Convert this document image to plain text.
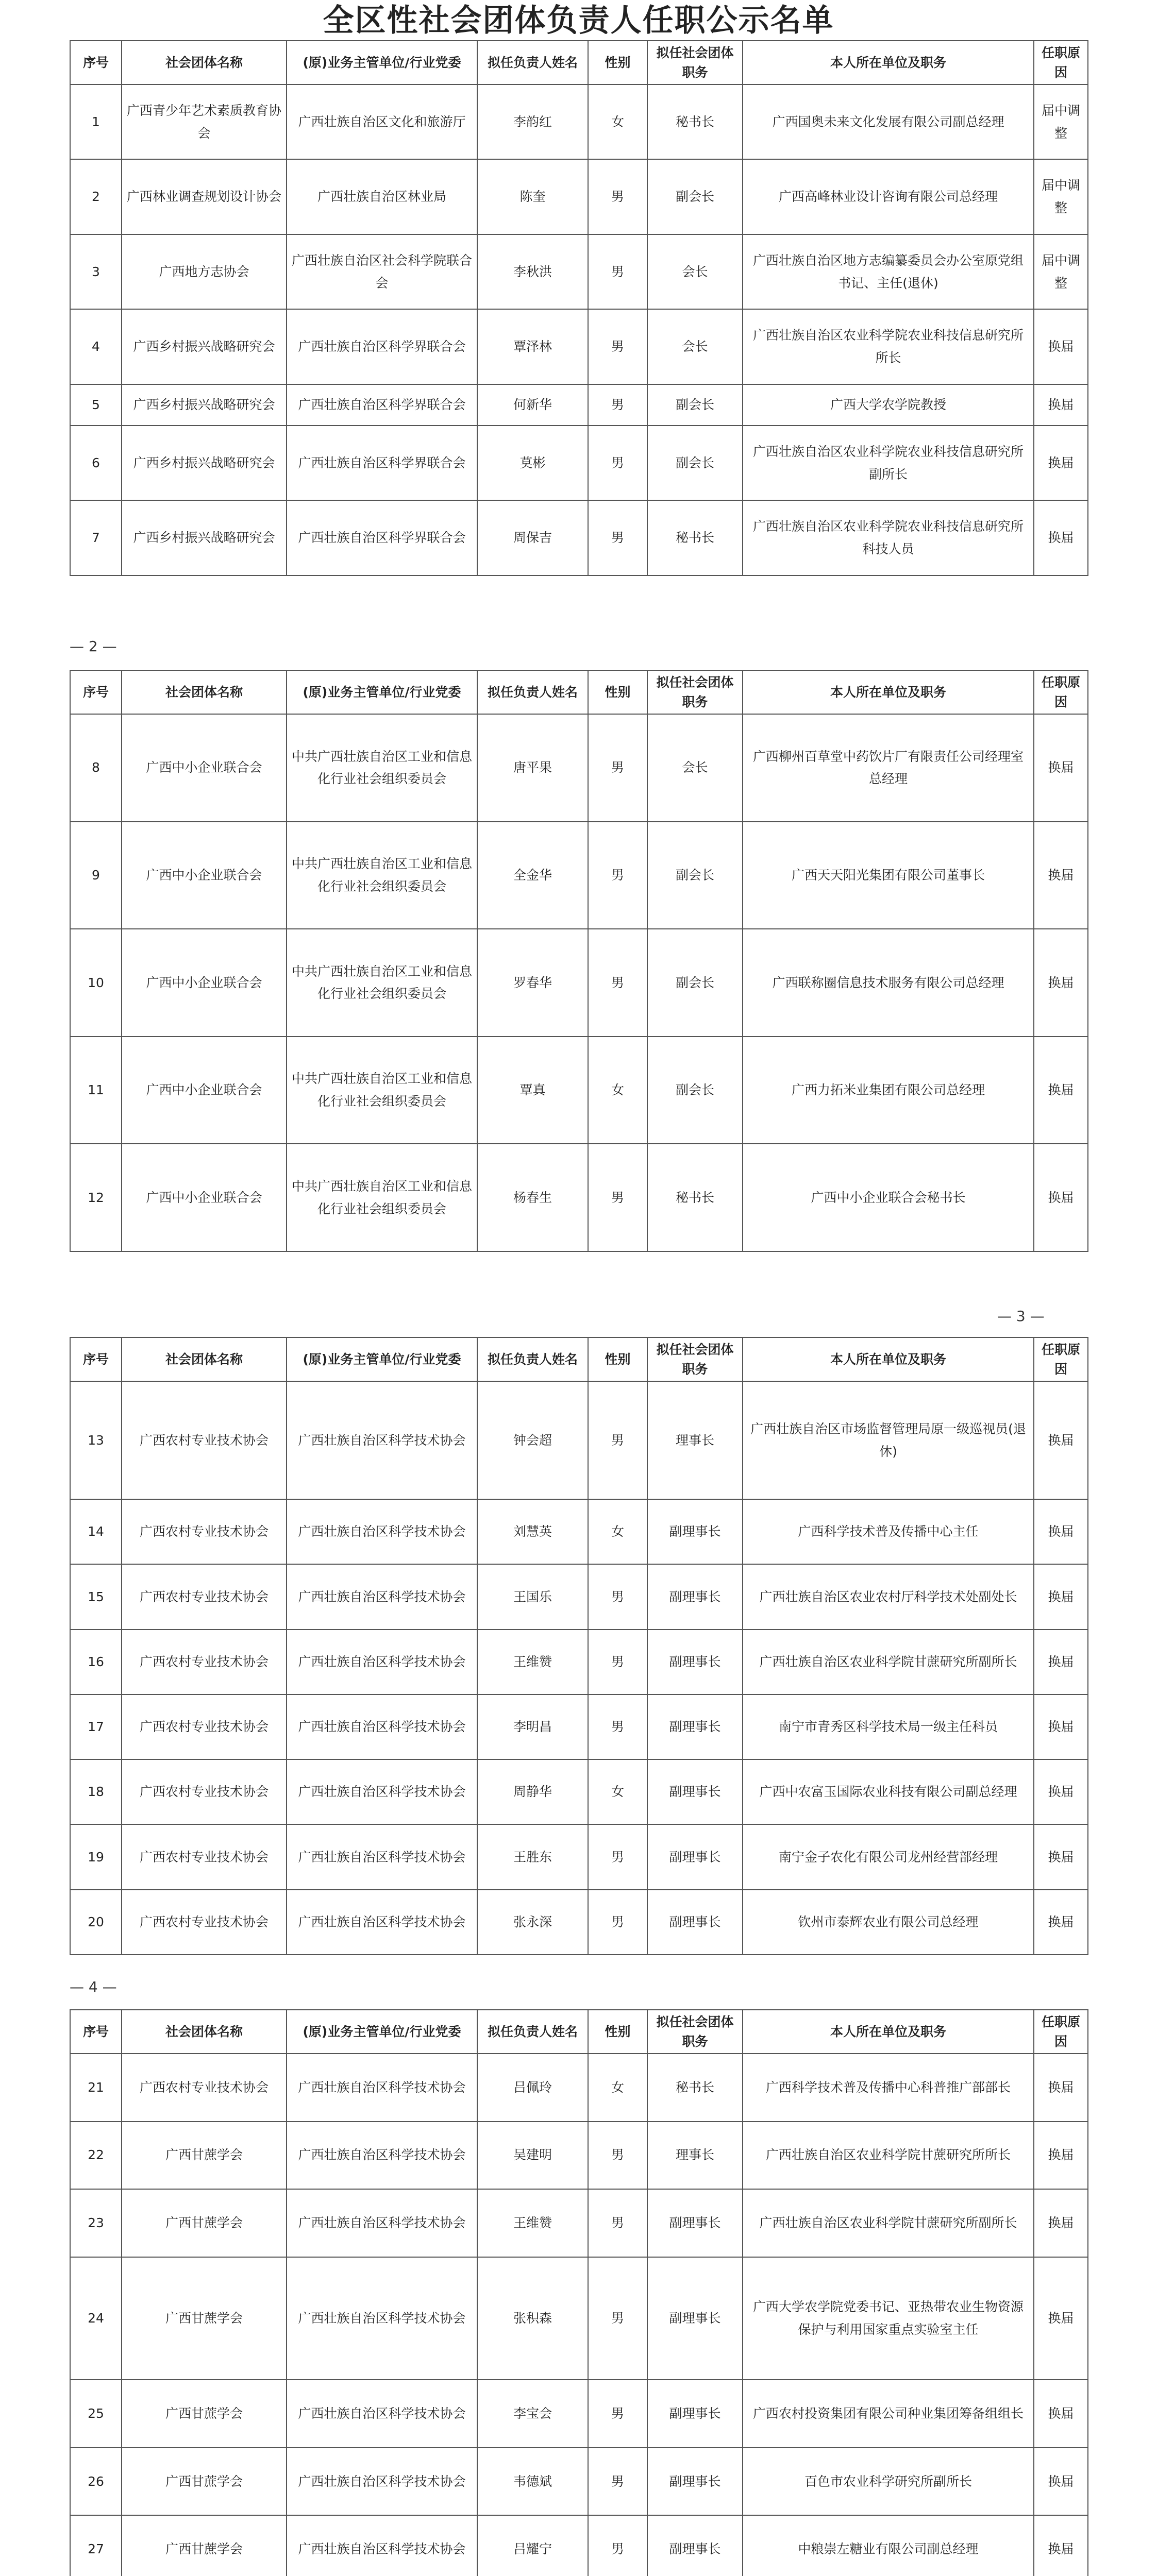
全区性社会团体负责人任职公示名单
序号	社会团体名称	(原)业务主管单位/行业党委	拟任负责人姓名	性别	拟任社会团体职务	本人所在单位及职务	任职原因
1	广西青少年艺术素质教育协会	广西壮族自治区文化和旅游厅	李韵红	女	秘书长	广西国奥未来文化发展有限公司副总经理	届中调整
2	广西林业调查规划设计协会	广西壮族自治区林业局	陈奎	男	副会长	广西高峰林业设计咨询有限公司总经理	届中调整
3	广西地方志协会	广西壮族自治区社会科学院联合会	李秋洪	男	会长	广西壮族自治区地方志编纂委员会办公室原党组书记、主任(退休)	届中调整
4	广西乡村振兴战略研究会	广西壮族自治区科学界联合会	覃泽林	男	会长	广西壮族自治区农业科学院农业科技信息研究所所长	换届
5	广西乡村振兴战略研究会	广西壮族自治区科学界联合会	何新华	男	副会长	广西大学农学院教授	换届
6	广西乡村振兴战略研究会	广西壮族自治区科学界联合会	莫彬	男	副会长	广西壮族自治区农业科学院农业科技信息研究所副所长	换届
7	广西乡村振兴战略研究会	广西壮族自治区科学界联合会	周保吉	男	秘书长	广西壮族自治区农业科学院农业科技信息研究所科技人员	换届
— 2 —
序号	社会团体名称	(原)业务主管单位/行业党委	拟任负责人姓名	性别	拟任社会团体职务	本人所在单位及职务	任职原因
8	广西中小企业联合会	中共广西壮族自治区工业和信息化行业社会组织委员会	唐平果	男	会长	广西柳州百草堂中药饮片厂有限责任公司经理室总经理	换届
9	广西中小企业联合会	中共广西壮族自治区工业和信息化行业社会组织委员会	全金华	男	副会长	广西天天阳光集团有限公司董事长	换届
10	广西中小企业联合会	中共广西壮族自治区工业和信息化行业社会组织委员会	罗春华	男	副会长	广西联称圈信息技术服务有限公司总经理	换届
11	广西中小企业联合会	中共广西壮族自治区工业和信息化行业社会组织委员会	覃真	女	副会长	广西力拓米业集团有限公司总经理	换届
12	广西中小企业联合会	中共广西壮族自治区工业和信息化行业社会组织委员会	杨春生	男	秘书长	广西中小企业联合会秘书长	换届
— 3 —
序号	社会团体名称	(原)业务主管单位/行业党委	拟任负责人姓名	性别	拟任社会团体职务	本人所在单位及职务	任职原因
13	广西农村专业技术协会	广西壮族自治区科学技术协会	钟会超	男	理事长	广西壮族自治区市场监督管理局原一级巡视员(退休)	换届
14	广西农村专业技术协会	广西壮族自治区科学技术协会	刘慧英	女	副理事长	广西科学技术普及传播中心主任	换届
15	广西农村专业技术协会	广西壮族自治区科学技术协会	王国乐	男	副理事长	广西壮族自治区农业农村厅科学技术处副处长	换届
16	广西农村专业技术协会	广西壮族自治区科学技术协会	王维赞	男	副理事长	广西壮族自治区农业科学院甘蔗研究所副所长	换届
17	广西农村专业技术协会	广西壮族自治区科学技术协会	李明昌	男	副理事长	南宁市青秀区科学技术局一级主任科员	换届
18	广西农村专业技术协会	广西壮族自治区科学技术协会	周静华	女	副理事长	广西中农富玉国际农业科技有限公司副总经理	换届
19	广西农村专业技术协会	广西壮族自治区科学技术协会	王胜东	男	副理事长	南宁金子农化有限公司龙州经营部经理	换届
20	广西农村专业技术协会	广西壮族自治区科学技术协会	张永深	男	副理事长	钦州市泰辉农业有限公司总经理	换届
— 4 —
序号	社会团体名称	(原)业务主管单位/行业党委	拟任负责人姓名	性别	拟任社会团体职务	本人所在单位及职务	任职原因
21	广西农村专业技术协会	广西壮族自治区科学技术协会	吕佩玲	女	秘书长	广西科学技术普及传播中心科普推广部部长	换届
22	广西甘蔗学会	广西壮族自治区科学技术协会	吴建明	男	理事长	广西壮族自治区农业科学院甘蔗研究所所长	换届
23	广西甘蔗学会	广西壮族自治区科学技术协会	王维赞	男	副理事长	广西壮族自治区农业科学院甘蔗研究所副所长	换届
24	广西甘蔗学会	广西壮族自治区科学技术协会	张积森	男	副理事长	广西大学农学院党委书记、亚热带农业生物资源保护与利用国家重点实验室主任	换届
25	广西甘蔗学会	广西壮族自治区科学技术协会	李宝会	男	副理事长	广西农村投资集团有限公司种业集团筹备组组长	换届
26	广西甘蔗学会	广西壮族自治区科学技术协会	韦德斌	男	副理事长	百色市农业科学研究所副所长	换届
27	广西甘蔗学会	广西壮族自治区科学技术协会	吕耀宁	男	副理事长	中粮崇左糖业有限公司副总经理	换届
